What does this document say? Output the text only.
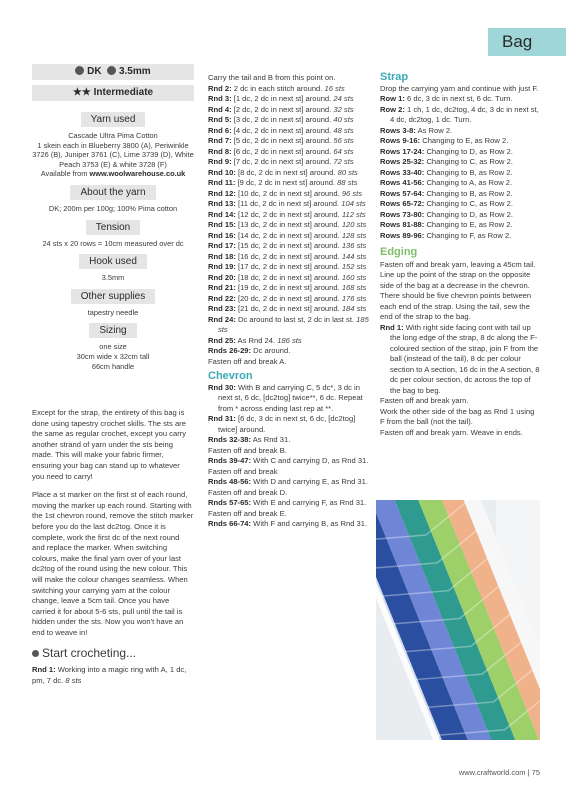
Bag
DK 3.5mm
★★ Intermediate
Yarn used
Cascade Ultra Pima Cotton
1 skein each in Blueberry 3800 (A), Periwinkle
3726 (B), Juniper 3761 (C), Lime 3739 (D), White
Peach 3753 (E) & white 3728 (F)
Available from www.woolwarehouse.co.uk
About the yarn
DK; 200m per 100g; 100% Pima cotton
Tension
24 sts x 20 rows = 10cm measured over dc
Hook used
3.5mm
Other supplies
tapestry needle
Sizing
one size
30cm wide x 32cm tall
66cm handle

Except for the strap, the entirety of this bag is done using tapestry crochet skills. The sts are the same as regular crochet, except you carry another strand of yarn under the sts being made. This will make your fabric firmer, ensuring your bag can stand up to whatever you need to carry!

Place a st marker on the first st of each round, moving the marker up each round. Starting with the 1st chevron round, remove the stitch marker before you do the last dc2tog. Once it is complete, work the first dc of the next round and replace the marker. When switching colours, make the final yarn over of your last dc2tog of the round using the new colour. This will make the colour changes seamless. When switching your carrying yarn at the colour change, leave a 5cm tail. Once you have carried it for about 5-6 sts, pull until the tail is hidden under the sts. Now you won't have an end to weave in!

Start crocheting...
Rnd 1: Working into a magic ring with A, 1 dc, pm, 7 dc. 8 sts
Carry the tail and B from this point on.
Rnd 2: 2 dc in each stitch around. 16 sts
Rnd 3: [1 dc, 2 dc in next st] around. 24 sts
Rnd 4: [2 dc, 2 dc in next st] around. 32 sts
Rnd 5: [3 dc, 2 dc in next st] around. 40 sts
Rnd 6: [4 dc, 2 dc in next st] around. 48 sts
Rnd 7: [5 dc, 2 dc in next st] around. 56 sts
Rnd 8: [6 dc, 2 dc in next st] around. 64 sts
Rnd 9: [7 dc, 2 dc in next st] around. 72 sts
Rnd 10: [8 dc, 2 dc in next st] around. 80 sts
Rnd 11: [9 dc, 2 dc in next st] around. 88 sts
Rnd 12: [10 dc, 2 dc in next st] around. 96 sts
Rnd 13: [11 dc, 2 dc in next st] around. 104 sts
Rnd 14: [12 dc, 2 dc in next st] around. 112 sts
Rnd 15: [13 dc, 2 dc in next st] around. 120 sts
Rnd 16: [14 dc, 2 dc in next st] around. 128 sts
Rnd 17: [15 dc, 2 dc in next st] around. 136 sts
Rnd 18: [16 dc, 2 dc in next st] around. 144 sts
Rnd 19: [17 dc, 2 dc in next st] around. 152 sts
Rnd 20: [18 dc, 2 dc in next st] around. 160 sts
Rnd 21: [19 dc, 2 dc in next st] around. 168 sts
Rnd 22: [20 dc, 2 dc in next st] around. 176 sts
Rnd 23: [21 dc, 2 dc in next st] around. 184 sts
Rnd 24: Dc around to last st, 2 dc in last st. 185 sts
Rnd 25: As Rnd 24. 186 sts
Rnds 26-29: Dc around.
Fasten off and break A.
Chevron
Rnd 30: With B and carrying C, 5 dc*, 3 dc in next st, 6 dc, [dc2tog] twice**, 6 dc. Repeat from * across ending last rep at **.
Rnd 31: [6 dc, 3 dc in next st, 6 dc, [dc2tog] twice] around.
Rnds 32-38: As Rnd 31.
Fasten off and break B.
Rnds 39-47: With C and carrying D, as Rnd 31.
Fasten off and break
Rnds 48-56: With D and carrying E, as Rnd 31.
Fasten off and break D.
Rnds 57-65: With E and carrying F, as Rnd 31.
Fasten off and break E.
Rnds 66-74: With F and carrying B, as Rnd 31.
Strap
Drop the carrying yarn and continue with just F.
Row 1: 6 dc, 3 dc in next st, 6 dc. Turn.
Row 2: 1 ch, 1 dc, dc2tog, 4 dc, 3 dc in next st, 4 dc, dc2tog, 1 dc. Turn.
Rows 3-8: As Row 2.
Rows 9-16: Changing to E, as Row 2.
Rows 17-24: Changing to D, as Row 2.
Rows 25-32: Changing to C, as Row 2.
Rows 33-40: Changing to B, as Row 2.
Rows 41-56: Changing to A, as Row 2.
Rows 57-64: Changing to B, as Row 2.
Rows 65-72: Changing to C, as Row 2.
Rows 73-80: Changing to D, as Row 2.
Rows 81-88: Changing to E, as Row 2.
Rows 89-96: Changing to F, as Row 2.
Edging
Fasten off and break yarn, leaving a 45cm tail. Line up the point of the strap on the opposite side of the bag at a decrease in the chevron. There should be five chevron points between each end of the strap. Using the tail, sew the end of the strap to the bag.
Rnd 1: With right side facing cont with tail up the long edge of the strap, 8 dc along the F-coloured section of the strap, join F from the ball (instead of the tail), 8 dc per colour section to A section, 16 dc in the A section, 8 dc per colour section, dc across the top of the bag to beg.
Fasten off and break yarn.
Work the other side of the bag as Rnd 1 using F from the ball (not the tail).
Fasten off and break yarn. Weave in ends.
www.craftworld.com | 75
